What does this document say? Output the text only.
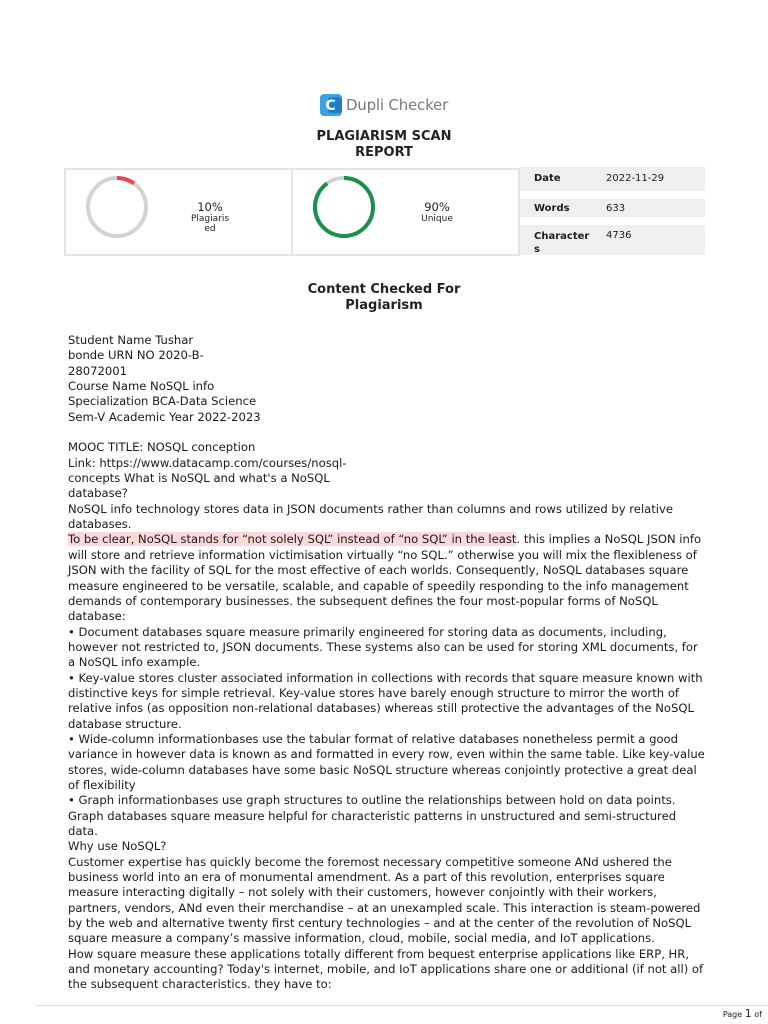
C Dupli Checker
PLAGIARISM SCAN
REPORT
10%
Plagiarised
90%
Unique
Date	2022-11-29
Words	633
Characters
4736
Content Checked For
Plagiarism

Student Name Tushar

bonde URN NO 2020-B-

28072001

Course Name NoSQL info

Specialization BCA-Data Science

Sem-V Academic Year 2022-2023

MOOC TITLE: NOSQL conception

Link: https://www.datacamp.com/courses/nosql-

concepts What is NoSQL and what's a NoSQL

database?

NoSQL info technology stores data in JSON documents rather than columns and rows utilized by relative databases.

To be clear, NoSQL stands for “not solely SQL” instead of “no SQL” in the least. this implies a NoSQL JSON info will store and retrieve information victimisation virtually “no SQL.” otherwise you will mix the flexibleness of JSON with the facility of SQL for the most effective of each worlds. Consequently, NoSQL databases square measure engineered to be versatile, scalable, and capable of speedily responding to the info management demands of contemporary businesses. the subsequent defines the four most-popular forms of NoSQL database:

• Document databases square measure primarily engineered for storing data as documents, including, however not restricted to, JSON documents. These systems also can be used for storing XML documents, for a NoSQL info example.

• Key-value stores cluster associated information in collections with records that square measure known with distinctive keys for simple retrieval. Key-value stores have barely enough structure to mirror the worth of relative infos (as opposition non-relational databases) whereas still protective the advantages of the NoSQL database structure.

• Wide-column informationbases use the tabular format of relative databases nonetheless permit a good variance in however data is known as and formatted in every row, even within the same table. Like key-value stores, wide-column databases have some basic NoSQL structure whereas conjointly protective a great deal of flexibility

• Graph informationbases use graph structures to outline the relationships between hold on data points. Graph databases square measure helpful for characteristic patterns in unstructured and semi-structured data.

Why use NoSQL?

Customer expertise has quickly become the foremost necessary competitive someone ANd ushered the business world into an era of monumental amendment. As a part of this revolution, enterprises square measure interacting digitally – not solely with their customers, however conjointly with their workers, partners, vendors, ANd even their merchandise – at an unexampled scale. This interaction is steam-powered by the web and alternative twenty first century technologies – and at the center of the revolution of NoSQL square measure a company’s massive information, cloud, mobile, social media, and IoT applications.

How square measure these applications totally different from bequest enterprise applications like ERP, HR, and monetary accounting? Today's internet, mobile, and IoT applications share one or additional (if not all) of the subsequent characteristics. they have to:

Page 1 of
